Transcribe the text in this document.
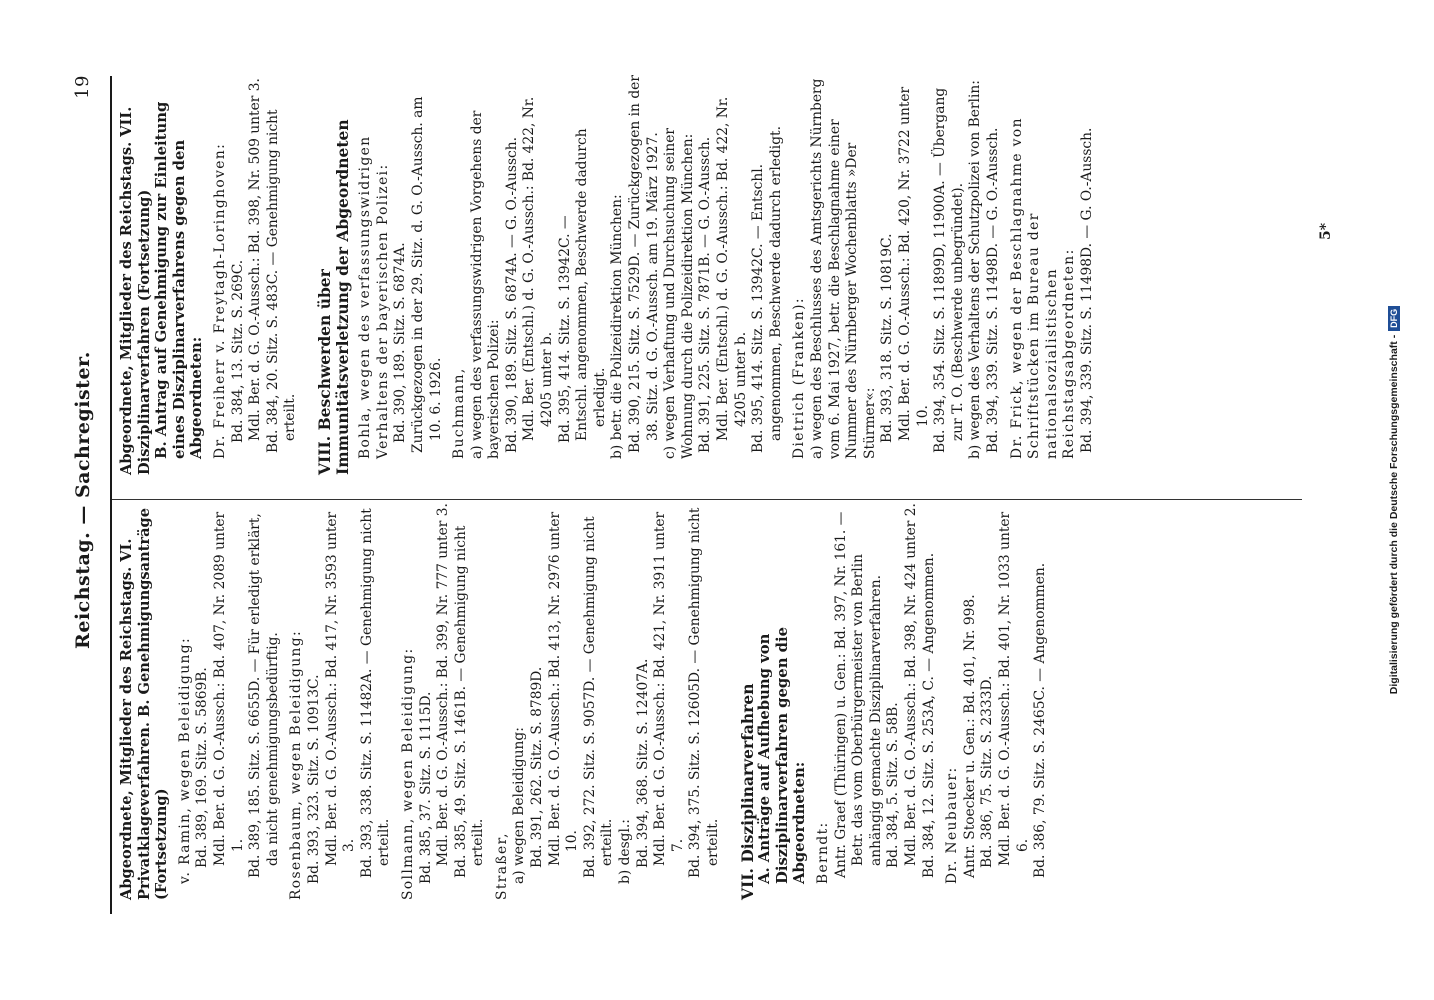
Reichstag. — Sachregister.
19

Abgeordnete, Mitglieder des Reichstags. VI. Privatklageverfahren. B. Genehmigungsanträge (Fortsetzung) v. Ramin, wegen Beleidigung: Bd. 389, 169. Sitz. S. 5869B. Mdl. Ber. d. G. O.-Aussch.: Bd. 407, Nr. 2089 unter 1. Bd. 389, 185. Sitz. S. 6655D. — Für erledigt erklärt, da nicht genehmigungsbedürftig. Rosenbaum, wegen Beleidigung: Bd. 393, 323. Sitz. S. 10913C. Mdl. Ber. d. G. O.-Aussch.: Bd. 417, Nr. 3593 unter 3. Bd. 393, 338. Sitz. S. 11482A. — Genehmigung nicht erteilt. Sollmann, wegen Beleidigung: Bd. 385, 37. Sitz. S. 1115D. Mdl. Ber. d. G. O.-Aussch.: Bd. 399, Nr. 777 unter 3. Bd. 385, 49. Sitz. S. 1461B. — Genehmigung nicht erteilt. Straßer, a) wegen Beleidigung: Bd. 391, 262. Sitz. S. 8789D. Mdl. Ber. d. G. O.-Aussch.: Bd. 413, Nr. 2976 unter 10. Bd. 392, 272. Sitz. S. 9057D. — Genehmigung nicht erteilt. b) desgl.: Bd. 394, 368. Sitz. S. 12407A. Mdl. Ber. d. G. O.-Aussch.: Bd. 421, Nr. 3911 unter 7. Bd. 394, 375. Sitz. S. 12605D. — Genehmigung nicht erteilt. VII. Disziplinarverfahren A. Anträge auf Aufhebung von Disziplinarverfahren gegen die Abgeordneten: Berndt: Antr. Graef (Thüringen) u. Gen.: Bd. 397, Nr. 161. — Betr. das vom Oberbürgermeister von Berlin anhängig gemachte Disziplinarverfahren. Bd. 384, 5. Sitz. S. 58B. Mdl. Ber. d. G. O.-Aussch.: Bd. 398, Nr. 424 unter 2. Bd. 384, 12. Sitz. S. 253A, C. — Angenommen. Dr. Neubauer: Antr. Stoecker u. Gen.: Bd. 401, Nr. 998. Bd. 386, 75. Sitz. S. 2333D. Mdl. Ber. d. G. O.-Aussch.: Bd. 401, Nr. 1033 unter 6. Bd. 386, 79. Sitz. S. 2465C. — Angenommen.

Abgeordnete, Mitglieder des Reichstags. VII. Disziplinarverfahren (Fortsetzung) B. Antrag auf Genehmigung zur Einleitung eines Disziplinarverfahrens gegen den Abgeordneten: Dr. Freiherr v. Freytagh-Loringhoven: Bd. 384, 13. Sitz. S. 269C. Mdl. Ber. d. G. O.-Aussch.: Bd. 398, Nr. 509 unter 3. Bd. 384, 20. Sitz. S. 483C. — Genehmigung nicht erteilt. VIII. Beschwerden über Immunitätsverletzung der Abgeordneten Bohla, wegen des verfassungswidrigen Verhaltens der bayerischen Polizei: Bd. 390, 189. Sitz. S. 6874A. Zurückgezogen in der 29. Sitz. d. G. O.-Aussch. am 10. 6. 1926. Buchmann, a) wegen des verfassungswidrigen Vorgehens der bayerischen Polizei: Bd. 390, 189. Sitz. S. 6874A. — G. O.-Aussch. Mdl. Ber. (Entschl.) d. G. O.-Aussch.: Bd. 422, Nr. 4205 unter b. Bd. 395, 414. Sitz. S. 13942C. — Entschl. angenommen, Beschwerde dadurch erledigt. b) betr. die Polizeidirektion München: Bd. 390, 215. Sitz. S. 7529D. — Zurückgezogen in der 38. Sitz. d. G. O.-Aussch. am 19. März 1927. c) wegen Verhaftung und Durchsuchung seiner Wohnung durch die Polizeidirektion München: Bd. 391, 225. Sitz. S. 7871B. — G. O.-Aussch. Mdl. Ber. (Entschl.) d. G. O.-Aussch.: Bd. 422, Nr. 4205 unter b. Bd. 395, 414. Sitz. S. 13942C. — Entschl. angenommen, Beschwerde dadurch erledigt. Dietrich (Franken): a) wegen des Beschlusses des Amtsgerichts Nürnberg vom 6. Mai 1927, betr. die Beschlagnahme einer Nummer des Nürnberger Wochenblatts »Der Stürmer«: Bd. 393, 318. Sitz. S. 10819C. Mdl. Ber. d. G. O.-Aussch.: Bd. 420, Nr. 3722 unter 10. Bd. 394, 354. Sitz. S. 11899D, 11900A. — Übergang zur T. O. (Beschwerde unbegründet). b) wegen des Verhaltens der Schutzpolizei von Berlin: Bd. 394, 339. Sitz. S. 11498D. — G. O.-Aussch. Dr. Frick, wegen der Beschlagnahme von Schriftstücken im Bureau der nationalsozialistischen Reichstagsabgeordneten: Bd. 394, 339. Sitz. S. 11498D. — G. O.-Aussch.	5*
Digitalisierung gefördert durch die Deutsche Forschungsgemeinschaft -DFG
